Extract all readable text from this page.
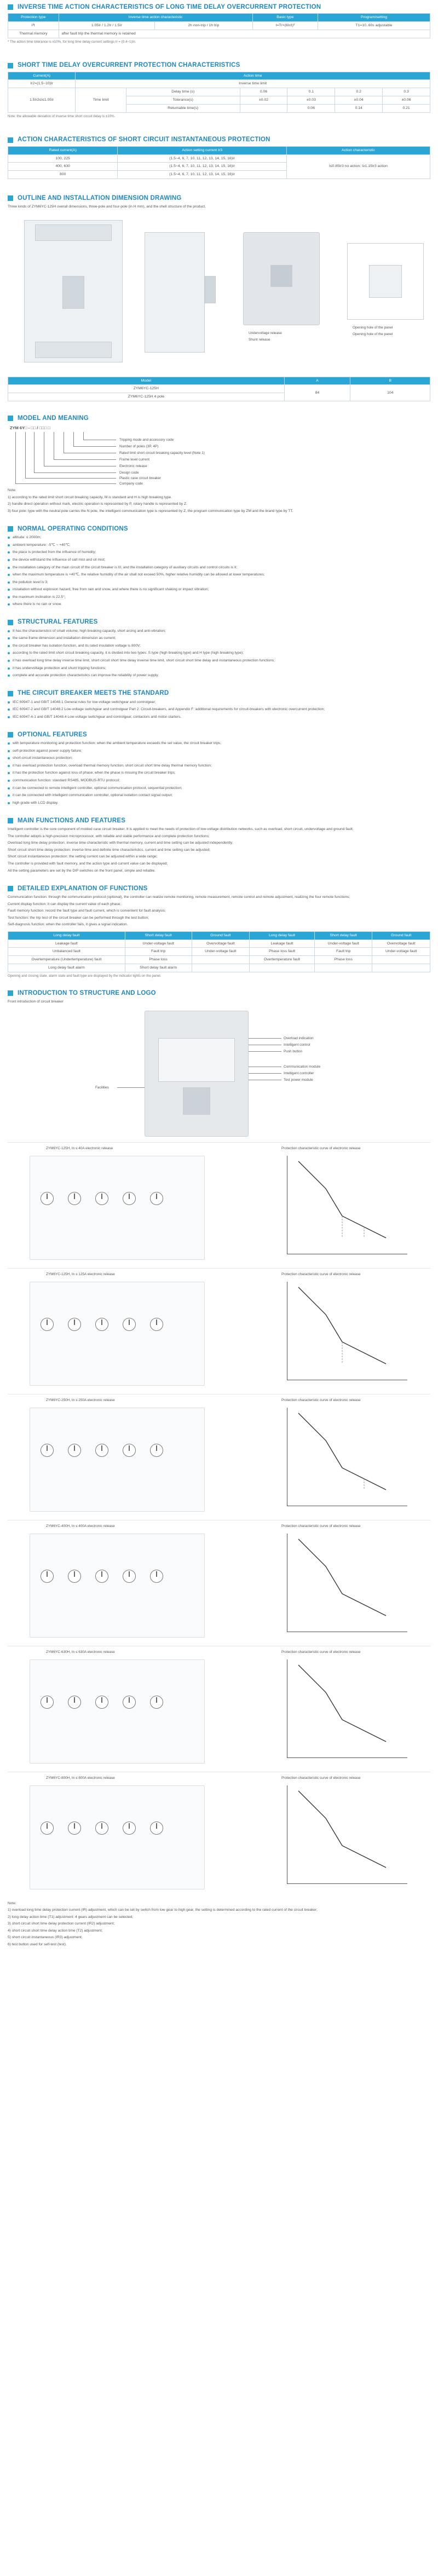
INVERSE TIME ACTION CHARACTERISTICS OF LONG TIME DELAY OVERCURRENT PROTECTION
Protection type	Inverse time action characteristic		Basic type	Program/setting
I²t	1.05Ir / 1.2Ir / 1.5Ir	2h non-trip / 1h trip	t=Tr×(6Ir/I)²	T1=10..60s adjustable
Thermal memory	after fault trip the thermal memory is retained			
* The action time tolerance is ±10%, for long time delay current settings Ir = (0.4~1)In.
SHORT TIME DELAY OVERCURRENT PROTECTION CHARACTERISTICS
Current(A)	Action time					
Ir2=(1.5~10)Ir	Inverse time limit					
1.5Ir2≤I≤1.05Ir	Time limit	Delay time (s)	0.06	0.1	0.2	0.3
		Tolerance(s)	±0.02	±0.03	±0.04	±0.06
		Returnable time(s)		0.06	0.14	0.21
Note: the allowable deviation of inverse time short circuit delay is ±10%.
ACTION CHARACTERISTICS OF SHORT CIRCUIT INSTANTANEOUS PROTECTION
Rated current(A)	Action setting current Ir3	Action characteristic
100, 225	(1.5~4, 6, 7, 10, 11, 12, 13, 14, 15, 16)Ir	I≤0.85Ir3 no action; I≥1.15Ir3 action
400, 630	(1.5~4, 6, 7, 10, 11, 12, 13, 14, 15, 16)Ir	
800	(1.5~4, 6, 7, 10, 11, 12, 13, 14, 15, 16)Ir	
OUTLINE AND INSTALLATION DIMENSION DRAWING
Three kinds of ZYM6YC-125H overall dimensions, three-pole and four-pole (in H mm), and the shell structure of the product.
Undervoltage release
Shunt release
Opening hole of the panel
Opening hole of the panel
Model	A	B
ZYM6YC-125H	84	104
ZYM6YC-125H 4 pole		
MODEL AND MEANING
ZYM 6Y□ - □□ / □□□ □
Tripping mode and accessory code
Number of poles (3P, 4P)
Rated limit short circuit breaking capacity level (Note 1)
Frame level current
Electronic release
Design code
Plastic case circuit breaker
Company code

Note:

1) according to the rated limit short circuit breaking capacity, M is standard and H is high breaking type.

2) handle direct operation without mark, electric operation is represented by P, rotary handle is represented by Z.

3) four pole: type with the neutral pole carries the N pole, the intelligent communication type is represented by Z, the program communication type by ZM and the brand type by TT.

NORMAL OPERATING CONDITIONS
altitude: ≤ 2000m;
ambient temperature: -5℃ ~ +40℃;
the place is protected from the influence of humidity;
the device withstand the influence of salt mist and oil mist;
the installation category of the main circuit of the circuit breaker is III, and the installation category of auxiliary circuits and control circuits is II;
when the maximum temperature is +40℃, the relative humidity of the air shall not exceed 50%, higher relative humidity can be allowed at lower temperatures;
the pollution level is 3;
installation without explosion hazard, free from rain and snow, and where there is no significant shaking or impact vibration;
the maximum inclination is 22.5°;
where there is no rain or snow.
STRUCTURAL FEATURES
It has the characteristics of small volume, high breaking capacity, short arcing and anti-vibration;
the same-frame dimension and installation dimension as current;
the circuit breaker has isolation function, and its rated insulation voltage is 800V;
according to the rated limit short circuit breaking capacity, it is divided into two types: S type (high breaking type) and H type (high breaking type);
it has overload long time delay inverse time limit, short circuit short time delay inverse time limit, short circuit short time delay and instantaneous protection functions;
it has undervoltage protection and shunt tripping functions;
complete and accurate protection characteristics can improve the reliability of power supply.
THE CIRCUIT BREAKER MEETS THE STANDARD
IEC 60947-1 and GB/T 14048.1 General rules for low-voltage switchgear and controlgear;
IEC 60947-2 and GB/T 14048.2 Low-voltage switchgear and controlgear Part 2: Circuit-breakers, and Appendix F: additional requirements for circuit-breakers with electronic overcurrent protection;
IEC 60947-4-1 and GB/T 14048.4 Low-voltage switchgear and controlgear, contactors and motor-starters.
OPTIONAL FEATURES
with temperature monitoring and protection function: when the ambient temperature exceeds the set value, the circuit breaker trips;
self-protection against power supply failure;
short-circuit instantaneous protection;
it has overload protection function, overload thermal memory function, short circuit short time delay thermal memory function;
it has the protection function against loss of phase; when the phase is missing the circuit breaker trips;
communication function: standard RS485, MODBUS-RTU protocol;
it can be connected to remote intelligent controller, optional communication protocol, sequential protection;
it can be connected with intelligent communication controller, optional isolation contact signal output;
high grade with LCD display.
MAIN FUNCTIONS AND FEATURES

Intelligent controller is the core component of molded case circuit breaker. It is applied to meet the needs of protection of low-voltage distribution networks, such as overload, short circuit, undervoltage and ground fault;

The controller adopts a high-precision microprocessor, with reliable and stable performance and complete protection functions;

Overload long time delay protection: inverse time characteristic with thermal memory, current and time setting can be adjusted independently;

Short circuit short time delay protection: inverse time and definite time characteristics, current and time setting can be adjusted;

Short circuit instantaneous protection: the setting current can be adjusted within a wide range;

The controller is provided with fault memory, and the action type and current value can be displayed;

All the setting parameters are set by the DIP switches on the front panel, simple and reliable.

DETAILED EXPLANATION OF FUNCTIONS

Communication function: through the communication protocol (optional), the controller can realize remote monitoring, remote measurement, remote control and remote adjustment, realizing the four remote functions;

Current display function: it can display the current value of each phase;

Fault memory function: record the fault type and fault current, which is convenient for fault analysis;

Test function: the trip test of the circuit breaker can be performed through the test button;

Self-diagnosis function: when the controller fails, it gives a signal indication.

Long delay fault	Short delay fault	Ground fault	Long delay fault	Short delay fault	Ground fault
Leakage fault	Under-voltage fault	Overvoltage fault	Leakage fault	Under-voltage fault	Overvoltage fault
Unbalanced fault	Fault trip	Under-voltage fault	Phase loss fault	Fault trip	Under-voltage fault
Overtemperature (Undertemperature) fault	Phase loss		Overtemperature fault	Phase loss	
Long delay fault alarm	Short delay fault alarm				
Opening and closing state, alarm state and fault type are displayed by the indicator lights on the panel.
INTRODUCTION TO STRUCTURE AND LOGO
Front introduction of circuit breaker
Overload indication
Intelligent control
Push button
Communication module
Intelligent controller
Test power module
Facilities
ZYM6YC-125H, In ≤ 40A electronic release	Protection characteristic curve of electronic release
ZYM6YC-125H, In ≤ 125A electronic release	Protection characteristic curve of electronic release
ZYM6YC-250H, In ≤ 250A electronic release	Protection characteristic curve of electronic release
ZYM6YC-400H, In ≤ 400A electronic release	Protection characteristic curve of electronic release
ZYM6YC-630H, In ≤ 630A electronic release	Protection characteristic curve of electronic release
ZYM6YC-800H, In ≤ 800A electronic release	Protection characteristic curve of electronic release

Note:

1) overload long time delay protection current (IR) adjustment, which can be set by switch from low gear to high gear, the setting is determined according to the rated current of the circuit breaker;

2) long delay action time (T1) adjustment: 4 gears adjustment can be selected;

3) short circuit short time delay protection current (IR2) adjustment;

4) short circuit short time delay action time (T2) adjustment;

5) short circuit instantaneous (IR3) adjustment;

6) test button used for self-test (test).
